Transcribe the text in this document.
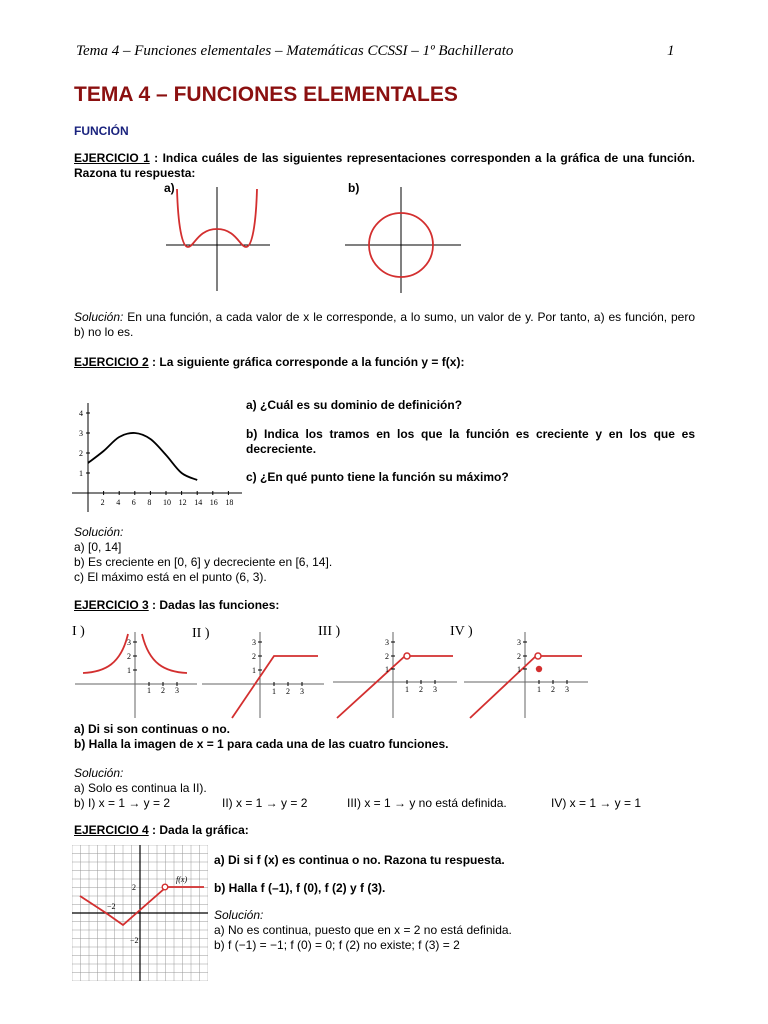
Tema 4 – Funciones elementales – Matemáticas CCSSI – 1º Bachillerato	1
TEMA 4 – FUNCIONES ELEMENTALES
FUNCIÓN
EJERCICIO 1 : Indica cuáles de las siguientes representaciones corresponden a la gráfica de una función. Razona tu respuesta:
a)	b)
Solución: En una función, a cada valor de x le corresponde, a lo sumo, un valor de y. Por tanto, a) es función, pero b) no lo es.
EJERCICIO 2 : La siguiente gráfica corresponde a la función y = f(x):
2 4 6 8 10 12 14 16 18
1
2
3
4
a) ¿Cuál es su dominio de definición?
b) Indica los tramos en los que la función es creciente y en los que es decreciente.
c) ¿En qué punto tiene la función su máximo?
Solución:
a) [0, 14]
b) Es creciente en [0, 6] y decreciente en [6, 14].
c) El máximo está en el punto (6, 3).
EJERCICIO 3 : Dadas las funciones:
I )	II )	III )	IV )
1 2 3
1
2
3
1 2 3
1
2
3
1 2 3
1
2
3
1 2 3
1
2
3
a) Di si son continuas o no.
b) Halla la imagen de x = 1 para cada una de las cuatro funciones.
Solución:
a) Solo es continua la II).
b) I) x = 1 → y = 2	II) x = 1 → y = 2	III) x = 1 → y no está definida.	IV) x = 1 → y = 1
EJERCICIO 4 : Dada la gráfica:
f(x)
2
−2
−2
a) Di si f (x) es continua o no. Razona tu respuesta.
b) Halla f (–1), f (0), f (2) y f (3).
Solución:
a) No es continua, puesto que en x = 2 no está definida.
b) f (−1) = −1; f (0) = 0; f (2) no existe; f (3) = 2
